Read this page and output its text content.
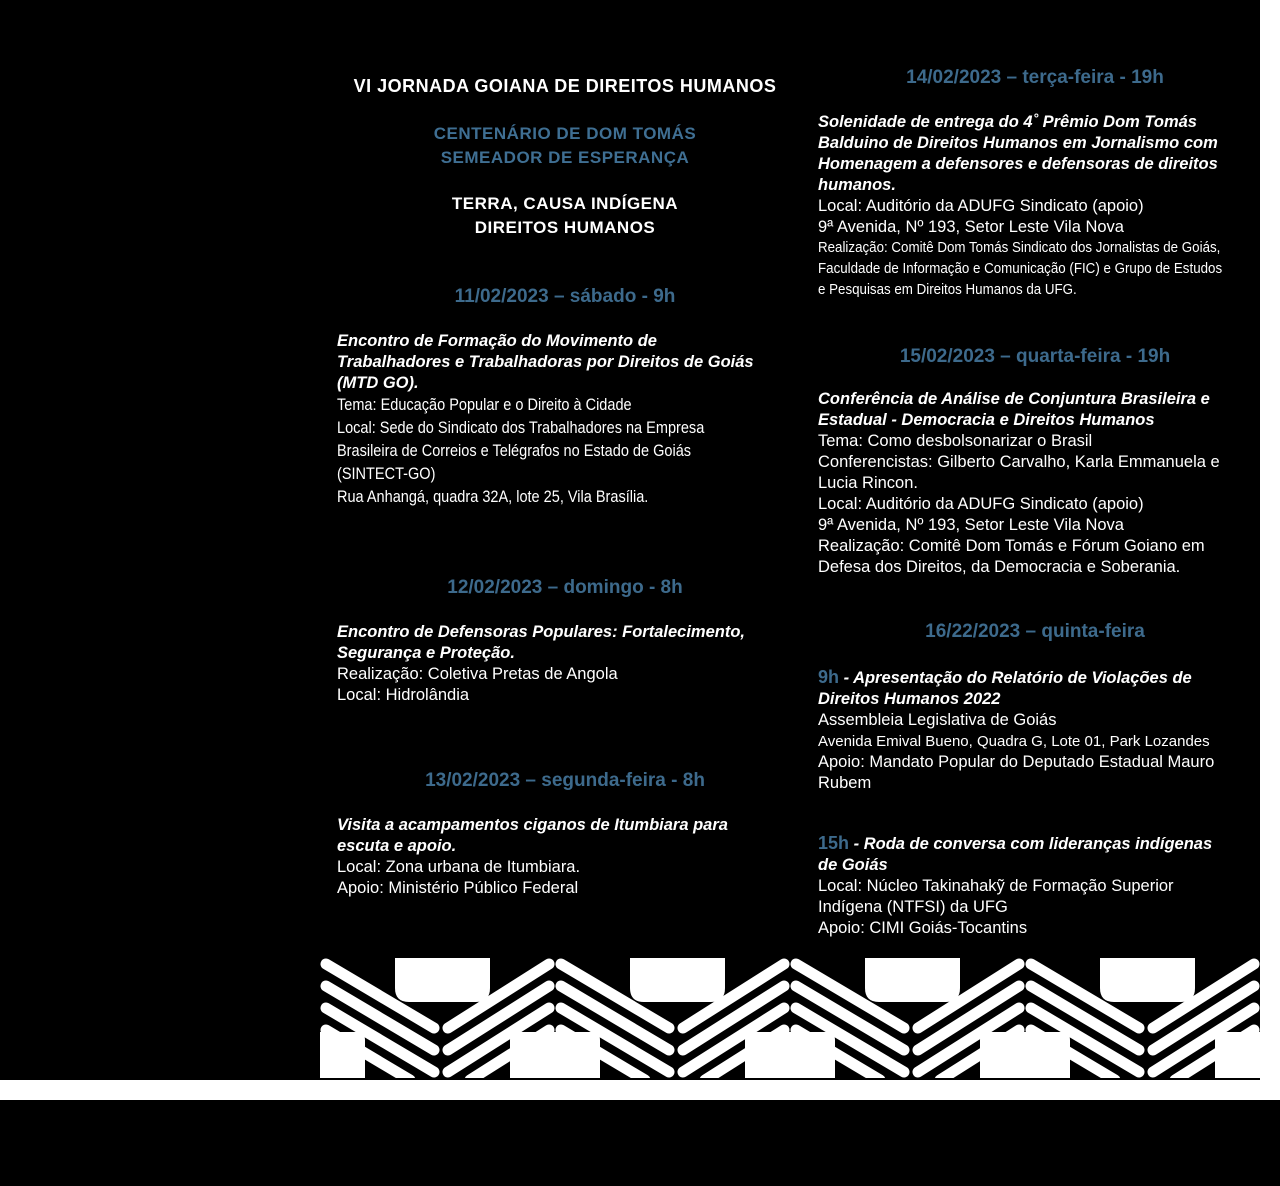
VI JORNADA GOIANA DE DIREITOS HUMANOS
CENTENÁRIO DE DOM TOMÁS
SEMEADOR DE ESPERANÇA
TERRA, CAUSA INDÍGENA
DIREITOS HUMANOS
11/02/2023 – sábado - 9h
Encontro de Formação do Movimento de
Trabalhadores e Trabalhadoras por Direitos de Goiás
(MTD GO).
Tema: Educação Popular e o Direito à Cidade
Local: Sede do Sindicato dos Trabalhadores na Empresa
Brasileira de Correios e Telégrafos no Estado de Goiás
(SINTECT-GO)
Rua Anhangá, quadra 32A, lote 25, Vila Brasília.
12/02/2023 – domingo - 8h
Encontro de Defensoras Populares: Fortalecimento,
Segurança e Proteção.
Realização: Coletiva Pretas de Angola
Local: Hidrolândia
13/02/2023 – segunda-feira - 8h
Visita a acampamentos ciganos de Itumbiara para
escuta e apoio.
Local: Zona urbana de Itumbiara.
Apoio: Ministério Público Federal
14/02/2023 – terça-feira - 19h
Solenidade de entrega do 4˚ Prêmio Dom Tomás
Balduino de Direitos Humanos em Jornalismo com
Homenagem a defensores e defensoras de direitos
humanos.
Local: Auditório da ADUFG Sindicato (apoio)
9ª Avenida, Nº 193, Setor Leste Vila Nova
Realização: Comitê Dom Tomás Sindicato dos Jornalistas de Goiás,
Faculdade de Informação e Comunicação (FIC) e Grupo de Estudos
e Pesquisas em Direitos Humanos da UFG.
15/02/2023 – quarta-feira - 19h
Conferência de Análise de Conjuntura Brasileira e
Estadual - Democracia e Direitos Humanos
Tema: Como desbolsonarizar o Brasil
Conferencistas: Gilberto Carvalho, Karla Emmanuela e
Lucia Rincon.
Local: Auditório da ADUFG Sindicato (apoio)
9ª Avenida, Nº 193, Setor Leste Vila Nova
Realização: Comitê Dom Tomás e Fórum Goiano em
Defesa dos Direitos, da Democracia e Soberania.
16/22/2023 – quinta-feira
9h - Apresentação do Relatório de Violações de
Direitos Humanos 2022
Assembleia Legislativa de Goiás
Avenida Emival Bueno, Quadra G, Lote 01, Park Lozandes
Apoio: Mandato Popular do Deputado Estadual Mauro
Rubem
15h - Roda de conversa com lideranças indígenas
de Goiás
Local: Núcleo Takinahakỹ de Formação Superior
Indígena (NTFSI) da UFG
Apoio: CIMI Goiás-Tocantins
